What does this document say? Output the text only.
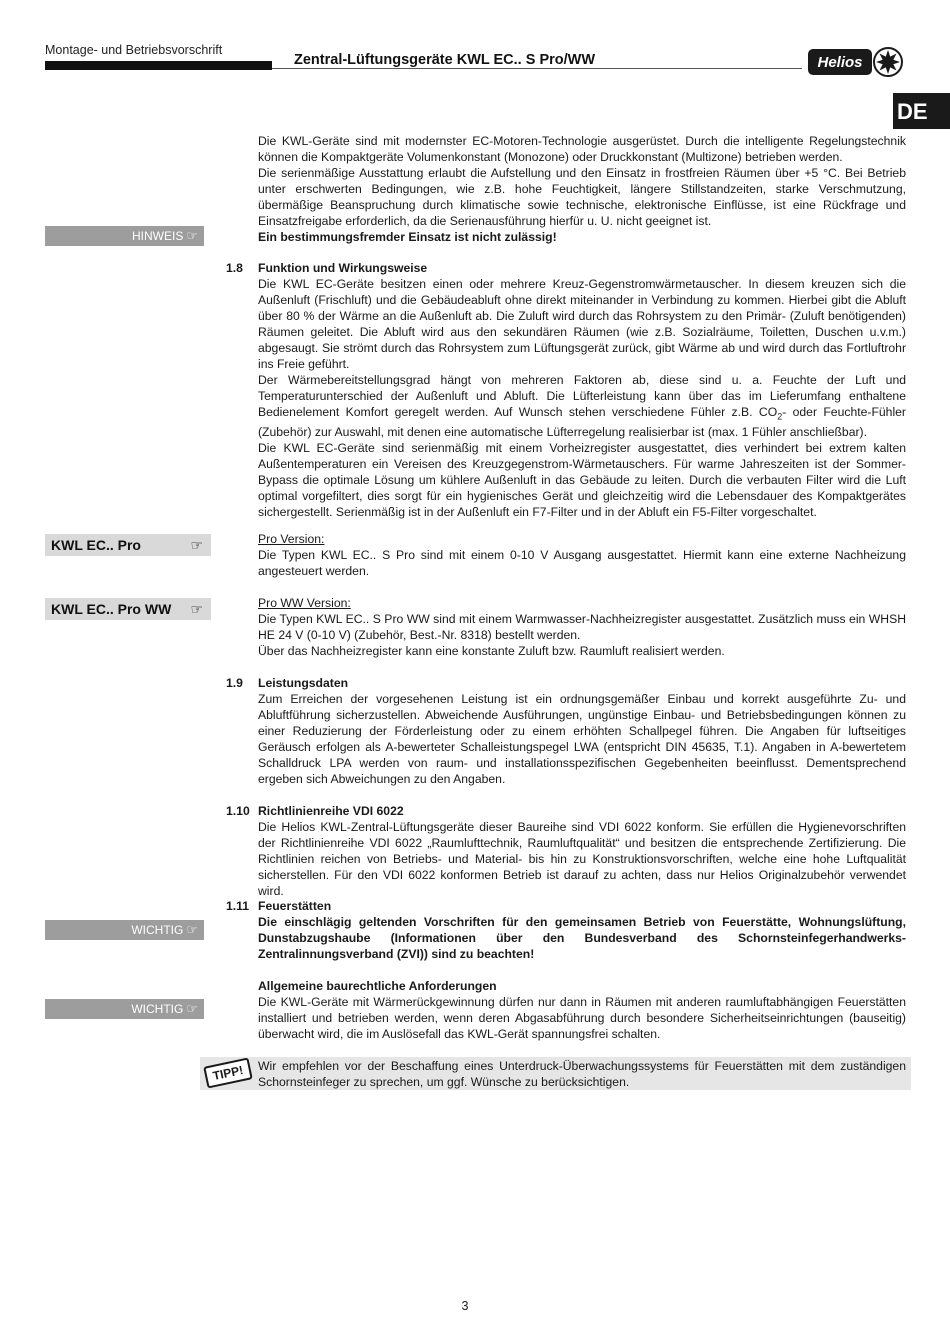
Montage- und Betriebsvorschrift
Zentral-Lüftungsgeräte KWL EC.. S Pro/WW	Helios
DE

Die KWL-Geräte sind mit modernster EC-Motoren-Technologie ausgerüstet. Durch die intelligente Regelungstechnik können die Kompaktgeräte Volumenkonstant (Monozone) oder Druckkonstant (Multizone) betrieben werden.

Die serienmäßige Ausstattung erlaubt die Aufstellung und den Einsatz in frostfreien Räumen über +5 °C. Bei Betrieb unter erschwerten Bedingungen, wie z.B. hohe Feuchtigkeit, längere Stillstandzeiten, starke Verschmutzung, übermäßige Beanspruchung durch klimatische sowie technische, elektronische Einflüsse, ist eine Rückfrage und Einsatzfreigabe erforderlich, da die Serienausführung hierfür u. U. nicht geeignet ist.

Ein bestimmungsfremder Einsatz ist nicht zulässig!

HINWEIS ☞
1.8 Funktion und Wirkungsweise

Die KWL EC-Geräte besitzen einen oder mehrere Kreuz-Gegenstromwärmetauscher. In diesem kreuzen sich die Außenluft (Frischluft) und die Gebäudeabluft ohne direkt miteinander in Verbindung zu kommen. Hierbei gibt die Abluft über 80 % der Wärme an die Außenluft ab. Die Zuluft wird durch das Rohrsystem zu den Primär- (Zuluft benötigenden) Räumen geleitet. Die Abluft wird aus den sekundären Räumen (wie z.B. Sozialräume, Toiletten, Duschen u.v.m.) abgesaugt. Sie strömt durch das Rohrsystem zum Lüftungsgerät zurück, gibt Wärme ab und wird durch das Fortluftrohr ins Freie geführt.

Der Wärmebereitstellungsgrad hängt von mehreren Faktoren ab, diese sind u. a. Feuchte der Luft und Temperaturunterschied der Außenluft und Abluft. Die Lüfterleistung kann über das im Lieferumfang enthaltene Bedienelement Komfort geregelt werden. Auf Wunsch stehen verschiedene Fühler z.B. $CO_2-$ oder Feuchte-Fühler (Zubehör) zur Auswahl, mit denen eine automatische Lüfterregelung realisierbar ist (max. 1 Fühler anschließbar).

Die KWL EC-Geräte sind serienmäßig mit einem Vorheizregister ausgestattet, dies verhindert bei extrem kalten Außentemperaturen ein Vereisen des Kreuzgegenstrom-Wärmetauschers. Für warme Jahreszeiten ist der Sommer-Bypass die optimale Lösung um kühlere Außenluft in das Gebäude zu leiten. Durch die verbauten Filter wird die Luft optimal vorgefiltert, dies sorgt für ein hygienisches Gerät und gleichzeitig wird die Lebensdauer des Kompaktgerätes sichergestellt. Serienmäßig ist in der Außenluft ein F7-Filter und in der Abluft ein F5-Filter vorgeschaltet.

KWL EC.. Pro	☞	Pro Version:

Die Typen KWL EC.. S Pro sind mit einem 0-10 V Ausgang ausgestattet. Hiermit kann eine externe Nachheizung angesteuert werden.

KWL EC.. Pro WW ☞	Pro WW Version:

Die Typen KWL EC.. S Pro WW sind mit einem Warmwasser-Nachheizregister ausgestattet. Zusätzlich muss ein WHSH HE 24 V (0-10 V) (Zubehör, Best.-Nr. 8318) bestellt werden.

Über das Nachheizregister kann eine konstante Zuluft bzw. Raumluft realisiert werden.

1.9 Leistungsdaten

Zum Erreichen der vorgesehenen Leistung ist ein ordnungsgemäßer Einbau und korrekt ausgeführte Zu- und Abluftführung sicherzustellen. Abweichende Ausführungen, ungünstige Einbau- und Betriebsbedingungen können zu einer Reduzierung der Förderleistung oder zu einem erhöhten Schallpegel führen. Die Angaben für luftseitiges Geräusch erfolgen als A-bewerteter Schalleistungspegel LWA (entspricht DIN 45635, T.1). Angaben in A-bewertetem Schalldruck LPA werden von raum- und installationsspezifischen Gegebenheiten beeinflusst. Dementsprechend ergeben sich Abweichungen zu den Angaben.

1.10 Richtlinienreihe VDI 6022

Die Helios KWL-Zentral-Lüftungsgeräte dieser Baureihe sind VDI 6022 konform. Sie erfüllen die Hygienevorschriften der Richtlinienreihe VDI 6022 „Raumlufttechnik, Raumluftqualität“ und besitzen die entsprechende Zertifizierung. Die Richtlinien reichen von Betriebs- und Material- bis hin zu Konstruktionsvorschriften, welche eine hohe Luftqualität sicherstellen. Für den VDI 6022 konformen Betrieb ist darauf zu achten, dass nur Helios Originalzubehör verwendet wird.

1.11 Feuerstätten

Die einschlägig geltenden Vorschriften für den gemeinsamen Betrieb von Feuerstätte, Wohnungslüftung, Dunstabzugshaube (Informationen über den Bundesverband des Schornsteinfegerhandwerks-Zentralinnungsverband (ZVI)) sind zu beachten!

WICHTIG ☞

Allgemeine baurechtliche Anforderungen

Die KWL-Geräte mit Wärmerückgewinnung dürfen nur dann in Räumen mit anderen raumluftabhängigen Feuerstätten installiert und betrieben werden, wenn deren Abgasabführung durch besondere Sicherheitseinrichtungen (bauseitig) überwacht wird, die im Auslösefall das KWL-Gerät spannungsfrei schalten.

WICHTIG ☞
TIPP!	Wir empfehlen vor der Beschaffung eines Unterdruck-Überwachungssystems für Feuerstätten mit dem zuständigen Schornsteinfeger zu sprechen, um ggf. Wünsche zu berücksichtigen.
3
